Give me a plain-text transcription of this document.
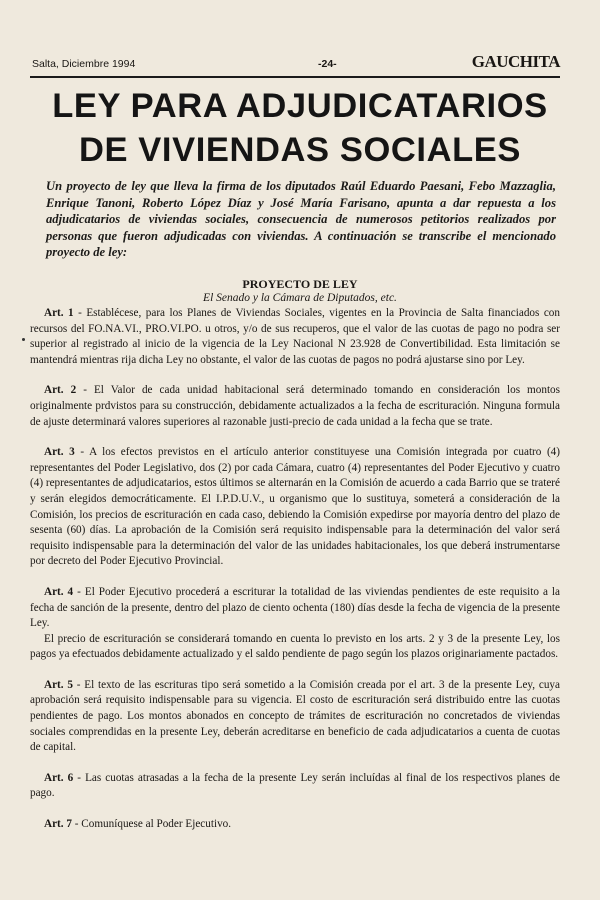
Salta, Diciembre 1994	-24-	GAUCHITA
LEY PARA ADJUDICATARIOS
DE VIVIENDAS SOCIALES
Un proyecto de ley que lleva la firma de los diputados Raúl Eduardo Paesani, Febo Mazzaglia, Enrique Tanoni, Roberto López Díaz y José María Farisano, apunta a dar repuesta a los adjudicatarios de viviendas sociales, consecuencia de numerosos petitorios realizados por personas que fueron adjudicadas con viviendas. A continuación se transcribe el mencionado proyecto de ley:
PROYECTO DE LEY
El Senado y la Cámara de Diputados, etc.

Art. 1 - Establécese, para los Planes de Viviendas Sociales, vigentes en la Provincia de Salta financiados con recursos del FO.NA.VI., PRO.VI.PO. u otros, y/o de sus recuperos, que el valor de las cuotas de pago no podra ser superior al registrado al inicio de la vigencia de la Ley Nacional N 23.928 de Convertibilidad. Esta limitación se mantendrá mientras rija dicha Ley no obstante, el valor de las cuotas de pagos no podrá ajustarse sino por Ley.

Art. 2 - El Valor de cada unidad habitacional será determinado tomando en consideración los montos originalmente prdvistos para su construcción, debidamente actualizados a la fecha de escrituración. Ninguna formula de ajuste determinará valores superiores al razonable justi-precio de cada unidad a la fecha que se trate.

Art. 3 - A los efectos previstos en el artículo anterior constituyese una Comisión integrada por cuatro (4) representantes del Poder Legislativo, dos (2) por cada Cámara, cuatro (4) representantes del Poder Ejecutivo y cuatro (4) representantes de adjudicatarios, estos últimos se alternarán en la Comisión de acuerdo a cada Barrio que se trateré y serán elegidos democráticamente. El I.P.D.U.V., u organismo que lo sustituya, someterá a consideración de la Comisión, los precios de escrituración en cada caso, debiendo la Comisión expedirse por mayoría dentro del plazo de sesenta (60) días. La aprobación de la Comisión será requisito indispensable para la determinación del valor será requisito indispensable para la determinación del valor de las unidades habitacionales, los que deberá instrumentarse por decreto del Poder Ejecutivo Provincial.

Art. 4 - El Poder Ejecutivo procederá a escriturar la totalidad de las viviendas pendientes de este requisito a la fecha de sanción de la presente, dentro del plazo de ciento ochenta (180) días desde la fecha de vigencia de la presente Ley.

El precio de escrituración se considerará tomando en cuenta lo previsto en los arts. 2 y 3 de la presente Ley, los pagos ya efectuados debidamente actualizado y el saldo pendiente de pago según los plazos originariamente pactados.

Art. 5 - El texto de las escrituras tipo será sometido a la Comisión creada por el art. 3 de la presente Ley, cuya aprobación será requisito indispensable para su vigencia. El costo de escrituración será distribuido entre las cuotas pendientes de pago. Los montos abonados en concepto de trámites de escrituración no concretados de viviendas sociales comprendidas en la presente Ley, deberán acreditarse en beneficio de cada adjudicatarios a cuenta de cuotas de capital.

Art. 6 - Las cuotas atrasadas a la fecha de la presente Ley serán incluídas al final de los respectivos planes de pago.

Art. 7 - Comuníquese al Poder Ejecutivo.
